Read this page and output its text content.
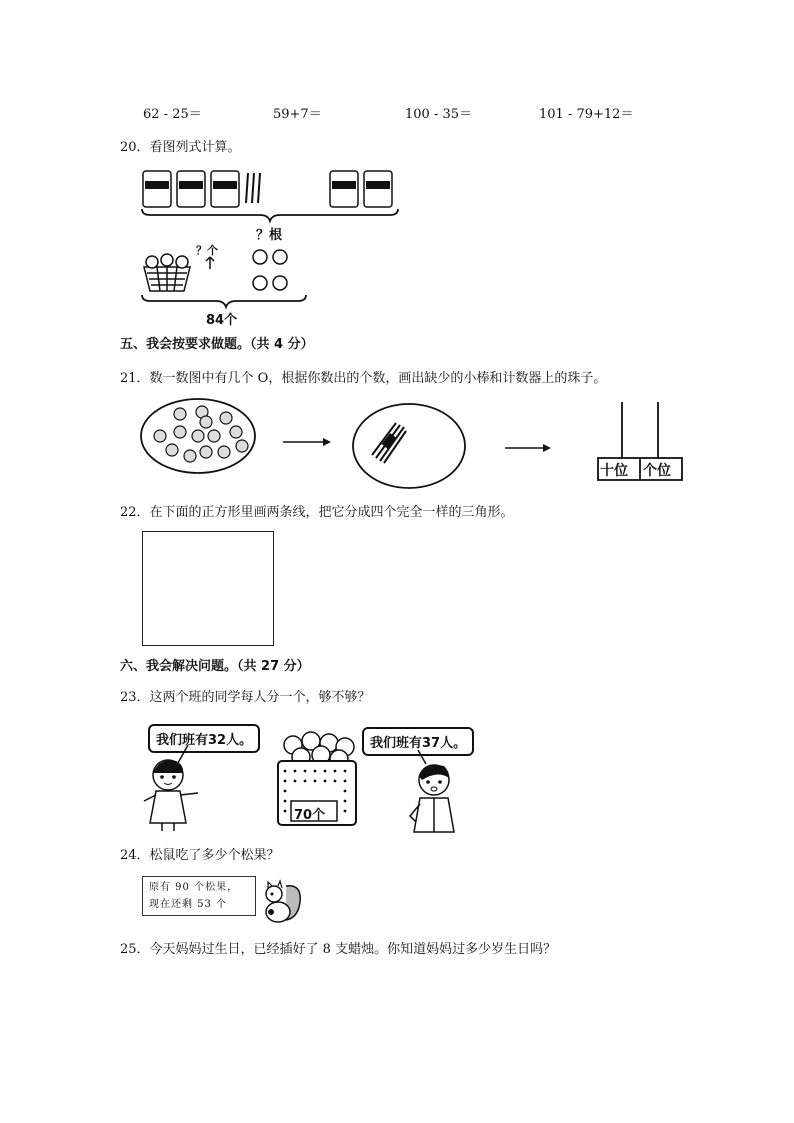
62 - 25＝	59+7＝	100 - 35＝	101 - 79+12＝
20．看图列式计算。
？根
？个
84个
五、我会按要求做题。（共 4 分）
21．数一数图中有几个 O，根据你数出的个数，画出缺少的小棒和计数器上的珠子。
十位 个位
22．在下面的正方形里画两条线，把它分成四个完全一样的三角形。
六、我会解决问题。（共 27 分）
23．这两个班的同学每人分一个，够不够？
我们班有32人。	我们班有37人。
70个
24．松鼠吃了多少个松果？
原有 90 个松果，
现在还剩 53 个
25．今天妈妈过生日，已经插好了 8 支蜡烛。你知道妈妈过多少岁生日吗？
